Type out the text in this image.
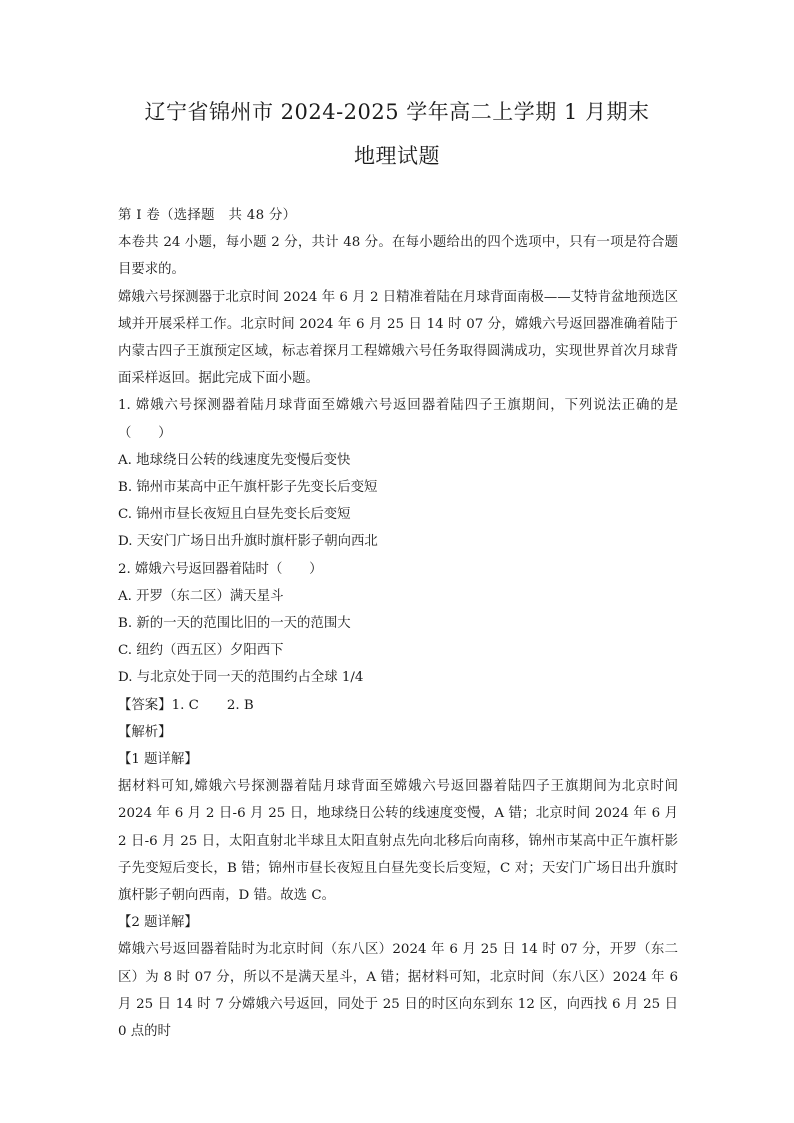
辽宁省锦州市 2024-2025 学年高二上学期 1 月期末
地理试题

第 I 卷（选择题　共 48 分）

本卷共 24 小题，每小题 2 分，共计 48 分。在每小题给出的四个选项中，只有一项是符合题目要求的。

嫦娥六号探测器于北京时间 2024 年 6 月 2 日精准着陆在月球背面南极——艾特肯盆地预选区域并开展采样工作。北京时间 2024 年 6 月 25 日 14 时 07 分，嫦娥六号返回器准确着陆于内蒙古四子王旗预定区域，标志着探月工程嫦娥六号任务取得圆满成功，实现世界首次月球背面采样返回。据此完成下面小题。

1. 嫦娥六号探测器着陆月球背面至嫦娥六号返回器着陆四子王旗期间，下列说法正确的是（　　）

A. 地球绕日公转的线速度先变慢后变快

B. 锦州市某高中正午旗杆影子先变长后变短

C. 锦州市昼长夜短且白昼先变长后变短

D. 天安门广场日出升旗时旗杆影子朝向西北

2. 嫦娥六号返回器着陆时（　　）

A. 开罗（东二区）满天星斗

B. 新的一天的范围比旧的一天的范围大

C. 纽约（西五区）夕阳西下

D. 与北京处于同一天的范围约占全球 1/4

【答案】1. C 2. B

【解析】

【1 题详解】

据材料可知,嫦娥六号探测器着陆月球背面至嫦娥六号返回器着陆四子王旗期间为北京时间 2024 年 6 月 2 日-6 月 25 日，地球绕日公转的线速度变慢，A 错；北京时间 2024 年 6 月 2 日-6 月 25 日，太阳直射北半球且太阳直射点先向北移后向南移，锦州市某高中正午旗杆影子先变短后变长，B 错；锦州市昼长夜短且白昼先变长后变短，C 对；天安门广场日出升旗时旗杆影子朝向西南，D 错。故选 C。

【2 题详解】

嫦娥六号返回器着陆时为北京时间（东八区）2024 年 6 月 25 日 14 时 07 分，开罗（东二区）为 8 时 07 分，所以不是满天星斗，A 错；据材料可知，北京时间（东八区）2024 年 6 月 25 日 14 时 7 分嫦娥六号返回，同处于 25 日的时区向东到东 12 区，向西找 6 月 25 日 0 点的时
